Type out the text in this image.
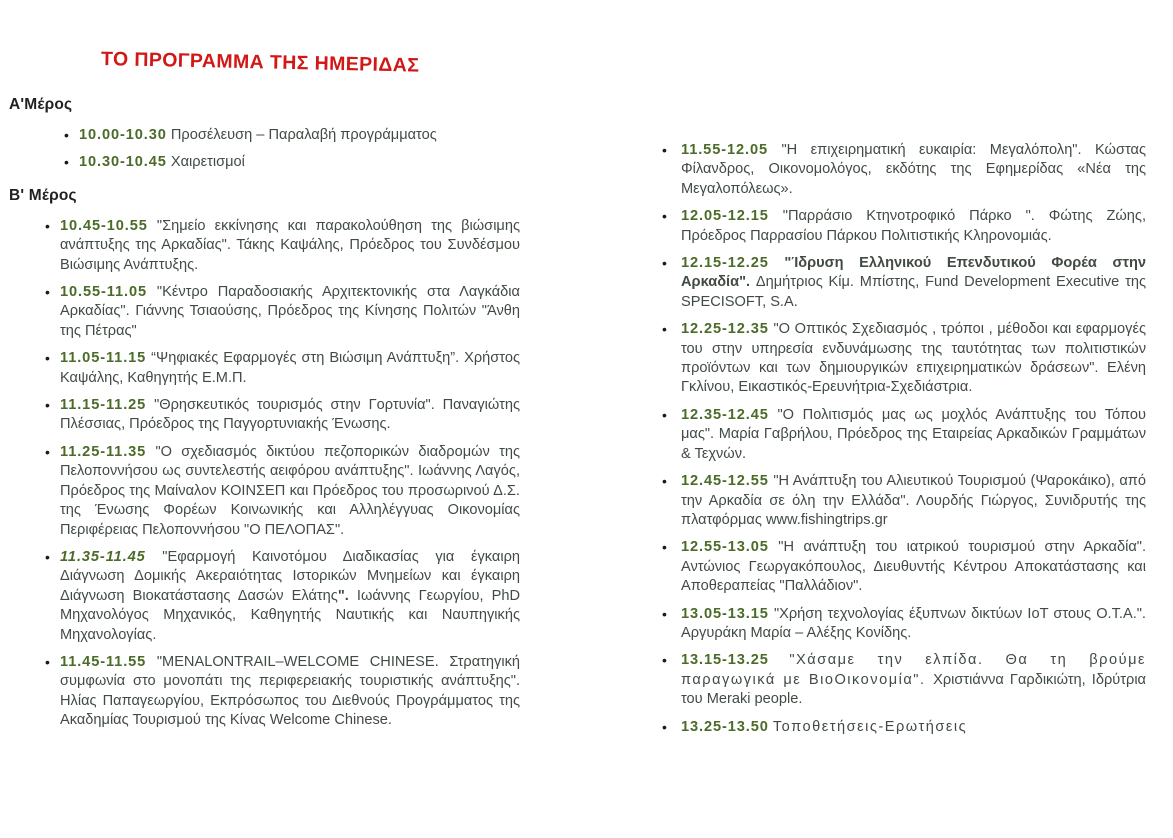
ΤΟ ΠΡΟΓΡΑΜΜΑ ΤΗΣ ΗΜΕΡΙΔΑΣ
Α'Μέρος
• 10.00-10.30 Προσέλευση – Παραλαβή προγράμματος
• 10.30-10.45 Χαιρετισμοί
Β' Μέρος
• 10.45-10.55 "Σημείο εκκίνησης και παρακολούθηση της βιώσιμης ανάπτυξης της Αρκαδίας". Τάκης Καψάλης, Πρόεδρος του Συνδέσμου Βιώσιμης Ανάπτυξης.
• 10.55-11.05 "Κέντρο Παραδοσιακής Αρχιτεκτονικής στα Λαγκάδια Αρκαδίας". Γιάννης Τσιαούσης, Πρόεδρος της Κίνησης Πολιτών "Άνθη της Πέτρας"
• 11.05-11.15 “Ψηφιακές Εφαρμογές στη Βιώσιμη Ανάπτυξη”. Χρήστος Καψάλης, Καθηγητής Ε.Μ.Π.
• 11.15-11.25 "Θρησκευτικός τουρισμός στην Γορτυνία". Παναγιώτης Πλέσσιας, Πρόεδρος της Παγγορτυνιακής Ένωσης.
• 11.25-11.35 "Ο σχεδιασμός δικτύου πεζοπορικών διαδρομών της Πελοποννήσου ως συντελεστής αειφόρου ανάπτυξης". Ιωάννης Λαγός, Πρόεδρος της Μαίναλον ΚΟΙΝΣΕΠ και Πρόεδρος του προσωρινού Δ.Σ. της Ένωσης Φορέων Κοινωνικής και Αλληλέγγυας Οικονομίας Περιφέρειας Πελοποννήσου "Ο ΠΕΛΟΠΑΣ".
• 11.35-11.45 "Εφαρμογή Καινοτόμου Διαδικασίας για έγκαιρη Διάγνωση Δομικής Ακεραιότητας Ιστορικών Μνημείων και έγκαιρη Διάγνωση Βιοκατάστασης Δασών Ελάτης". Ιωάννης Γεωργίου, PhD Μηχανολόγος Μηχανικός, Καθηγητής Ναυτικής και Ναυπηγικής Μηχανολογίας.
• 11.45-11.55 "MENALONTRAIL–WELCOME CHINESE. Στρατηγική συμφωνία στο μονοπάτι της περιφερειακής τουριστικής ανάπτυξης". Ηλίας Παπαγεωργίου, Εκπρόσωπος του Διεθνούς Προγράμματος της Ακαδημίας Τουρισμού της Κίνας Welcome Chinese.
• 11.55-12.05 "Η επιχειρηματική ευκαιρία: Μεγαλόπολη". Κώστας Φίλανδρος, Οικονομολόγος, εκδότης της Εφημερίδας «Νέα της Μεγαλοπόλεως».
• 12.05-12.15 "Παρράσιο Κτηνοτροφικό Πάρκο ". Φώτης Ζώης, Πρόεδρος Παρρασίου Πάρκου Πολιτιστικής Κληρονομιάς.
• 12.15-12.25 "Ίδρυση Ελληνικού Επενδυτικού Φορέα στην Αρκαδία". Δημήτριος Κίμ. Μπίστης, Fund Development Executive της SPECISOFT, S.A.
• 12.25-12.35 "Ο Οπτικός Σχεδιασμός , τρόποι , μέθοδοι και εφαρμογές του στην υπηρεσία ενδυνάμωσης της ταυτότητας των πολιτιστικών προϊόντων και των δημιουργικών επιχειρηματικών δράσεων". Ελένη Γκλίνου, Εικαστικός-Ερευνήτρια-Σχεδιάστρια.
• 12.35-12.45 "Ο Πολιτισμός μας ως μοχλός Ανάπτυξης του Τόπου μας". Μαρία Γαβρήλου, Πρόεδρος της Εταιρείας Αρκαδικών Γραμμάτων & Τεχνών.
• 12.45-12.55 "Η Ανάπτυξη του Αλιευτικού Τουρισμού (Ψαροκάικο), από την Αρκαδία σε όλη την Ελλάδα". Λουρδής Γιώργος, Συνιδρυτής της πλατφόρμας www.fishingtrips.gr
• 12.55-13.05 "Η ανάπτυξη του ιατρικού τουρισμού στην Αρκαδία". Αντώνιος Γεωργακόπουλος, Διευθυντής Κέντρου Αποκατάστασης και Αποθεραπείας "Παλλάδιον".
• 13.05-13.15 "Χρήση τεχνολογίας έξυπνων δικτύων ΙοΤ στους Ο.Τ.Α.". Αργυράκη Μαρία – Αλέξης Κονίδης.
• 13.15-13.25 "Χάσαμε την ελπίδα. Θα τη βρούμε παραγωγικά με ΒιοΟικονομία". Χριστιάννα Γαρδικιώτη, Ιδρύτρια του Meraki people.
• 13.25-13.50 Τοποθετήσεις-Ερωτήσεις
